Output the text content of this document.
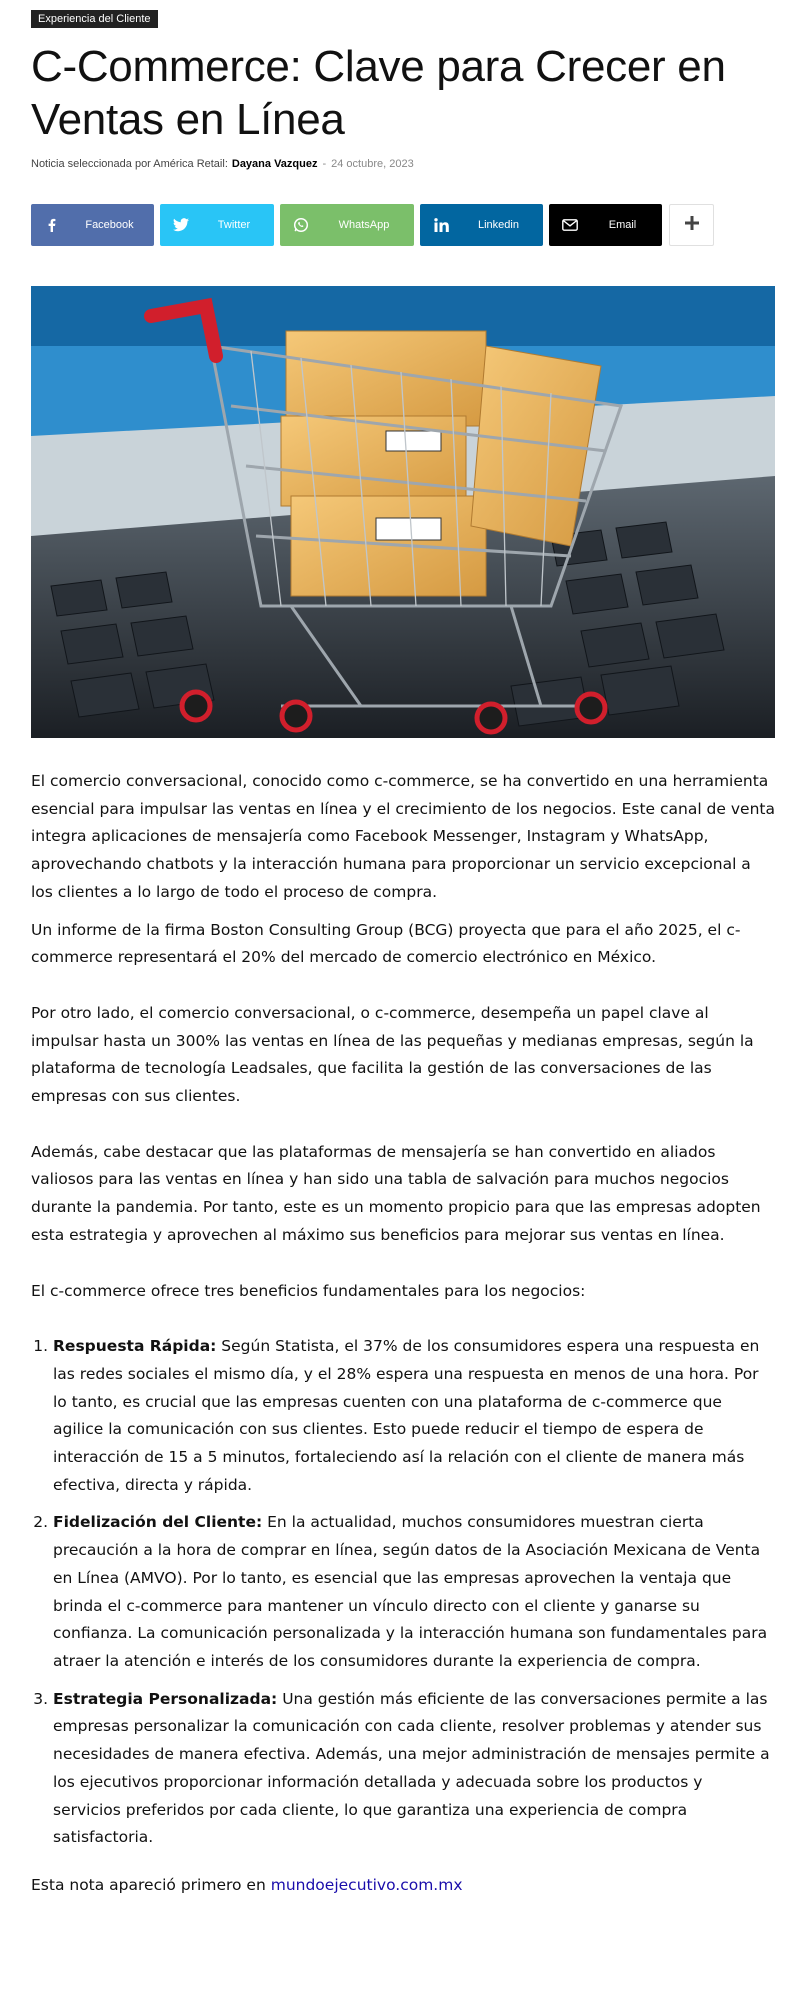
Experiencia del Cliente
C-Commerce: Clave para Crecer en Ventas en Línea
Noticia seleccionada por América Retail: Dayana Vazquez - 24 octubre, 2023
Facebook	Twitter	WhatsApp	Linkedin	Email

El comercio conversacional, conocido como c-commerce, se ha convertido en una herramienta esencial para impulsar las ventas en línea y el crecimiento de los negocios. Este canal de venta integra aplicaciones de mensajería como Facebook Messenger, Instagram y WhatsApp, aprovechando chatbots y la interacción humana para proporcionar un servicio excepcional a los clientes a lo largo de todo el proceso de compra.

Un informe de la firma Boston Consulting Group (BCG) proyecta que para el año 2025, el c-commerce representará el 20% del mercado de comercio electrónico en México.

Por otro lado, el comercio conversacional, o c-commerce, desempeña un papel clave al impulsar hasta un 300% las ventas en línea de las pequeñas y medianas empresas, según la plataforma de tecnología Leadsales, que facilita la gestión de las conversaciones de las empresas con sus clientes.

Además, cabe destacar que las plataformas de mensajería se han convertido en aliados valiosos para las ventas en línea y han sido una tabla de salvación para muchos negocios durante la pandemia. Por tanto, este es un momento propicio para que las empresas adopten esta estrategia y aprovechen al máximo sus beneficios para mejorar sus ventas en línea.

El c-commerce ofrece tres beneficios fundamentales para los negocios:

1. Respuesta Rápida: Según Statista, el 37% de los consumidores espera una respuesta en las redes sociales el mismo día, y el 28% espera una respuesta en menos de una hora. Por lo tanto, es crucial que las empresas cuenten con una plataforma de c-commerce que agilice la comunicación con sus clientes. Esto puede reducir el tiempo de espera de interacción de 15 a 5 minutos, fortaleciendo así la relación con el cliente de manera más efectiva, directa y rápida.
2. Fidelización del Cliente: En la actualidad, muchos consumidores muestran cierta precaución a la hora de comprar en línea, según datos de la Asociación Mexicana de Venta en Línea (AMVO). Por lo tanto, es esencial que las empresas aprovechen la ventaja que brinda el c-commerce para mantener un vínculo directo con el cliente y ganarse su confianza. La comunicación personalizada y la interacción humana son fundamentales para atraer la atención e interés de los consumidores durante la experiencia de compra.
3. Estrategia Personalizada: Una gestión más eficiente de las conversaciones permite a las empresas personalizar la comunicación con cada cliente, resolver problemas y atender sus necesidades de manera efectiva. Además, una mejor administración de mensajes permite a los ejecutivos proporcionar información detallada y adecuada sobre los productos y servicios preferidos por cada cliente, lo que garantiza una experiencia de compra satisfactoria.

Esta nota apareció primero en mundoejecutivo.com.mx
